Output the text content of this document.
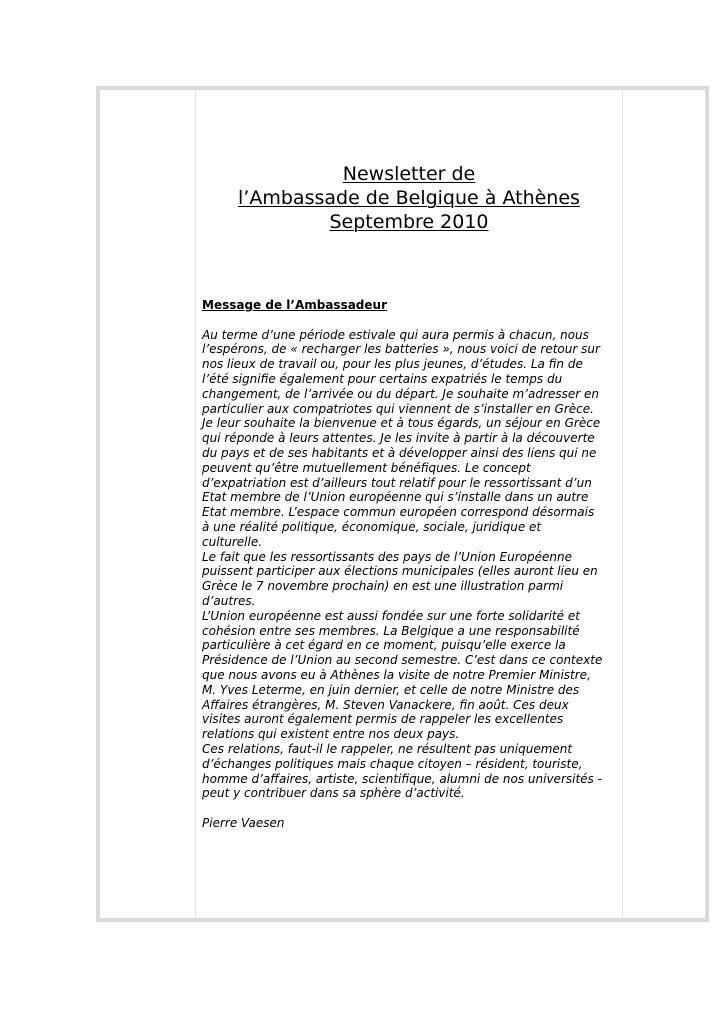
Newsletter de
l’Ambassade de Belgique à Athènes
Septembre 2010

Message de l’Ambassadeur

Au terme d’une période estivale qui aura permis à chacun, nous
l’espérons, de « recharger les batteries », nous voici de retour sur
nos lieux de travail ou, pour les plus jeunes, d’études. La fin de
l’été signifie également pour certains expatriés le temps du
changement, de l’arrivée ou du départ. Je souhaite m’adresser en
particulier aux compatriotes qui viennent de s’installer en Grèce.
Je leur souhaite la bienvenue et à tous égards, un séjour en Grèce
qui réponde à leurs attentes. Je les invite à partir à la découverte
du pays et de ses habitants et à développer ainsi des liens qui ne
peuvent qu’être mutuellement bénéfiques. Le concept
d’expatriation est d’ailleurs tout relatif pour le ressortissant d’un
Etat membre de l’Union européenne qui s’installe dans un autre
Etat membre. L’espace commun européen correspond désormais
à une réalité politique, économique, sociale, juridique et
culturelle.
Le fait que les ressortissants des pays de l’Union Européenne
puissent participer aux élections municipales (elles auront lieu en
Grèce le 7 novembre prochain) en est une illustration parmi
d’autres.
L’Union européenne est aussi fondée sur une forte solidarité et
cohésion entre ses membres. La Belgique a une responsabilité
particulière à cet égard en ce moment, puisqu’elle exerce la
Présidence de l’Union au second semestre. C’est dans ce contexte
que nous avons eu à Athènes la visite de notre Premier Ministre,
M. Yves Leterme, en juin dernier, et celle de notre Ministre des
Affaires étrangères, M. Steven Vanackere, fin août. Ces deux
visites auront également permis de rappeler les excellentes
relations qui existent entre nos deux pays.
Ces relations, faut-il le rappeler, ne résultent pas uniquement
d’échanges politiques mais chaque citoyen – résident, touriste,
homme d’affaires, artiste, scientifique, alumni de nos universités -
peut y contribuer dans sa sphère d’activité.

Pierre Vaesen
